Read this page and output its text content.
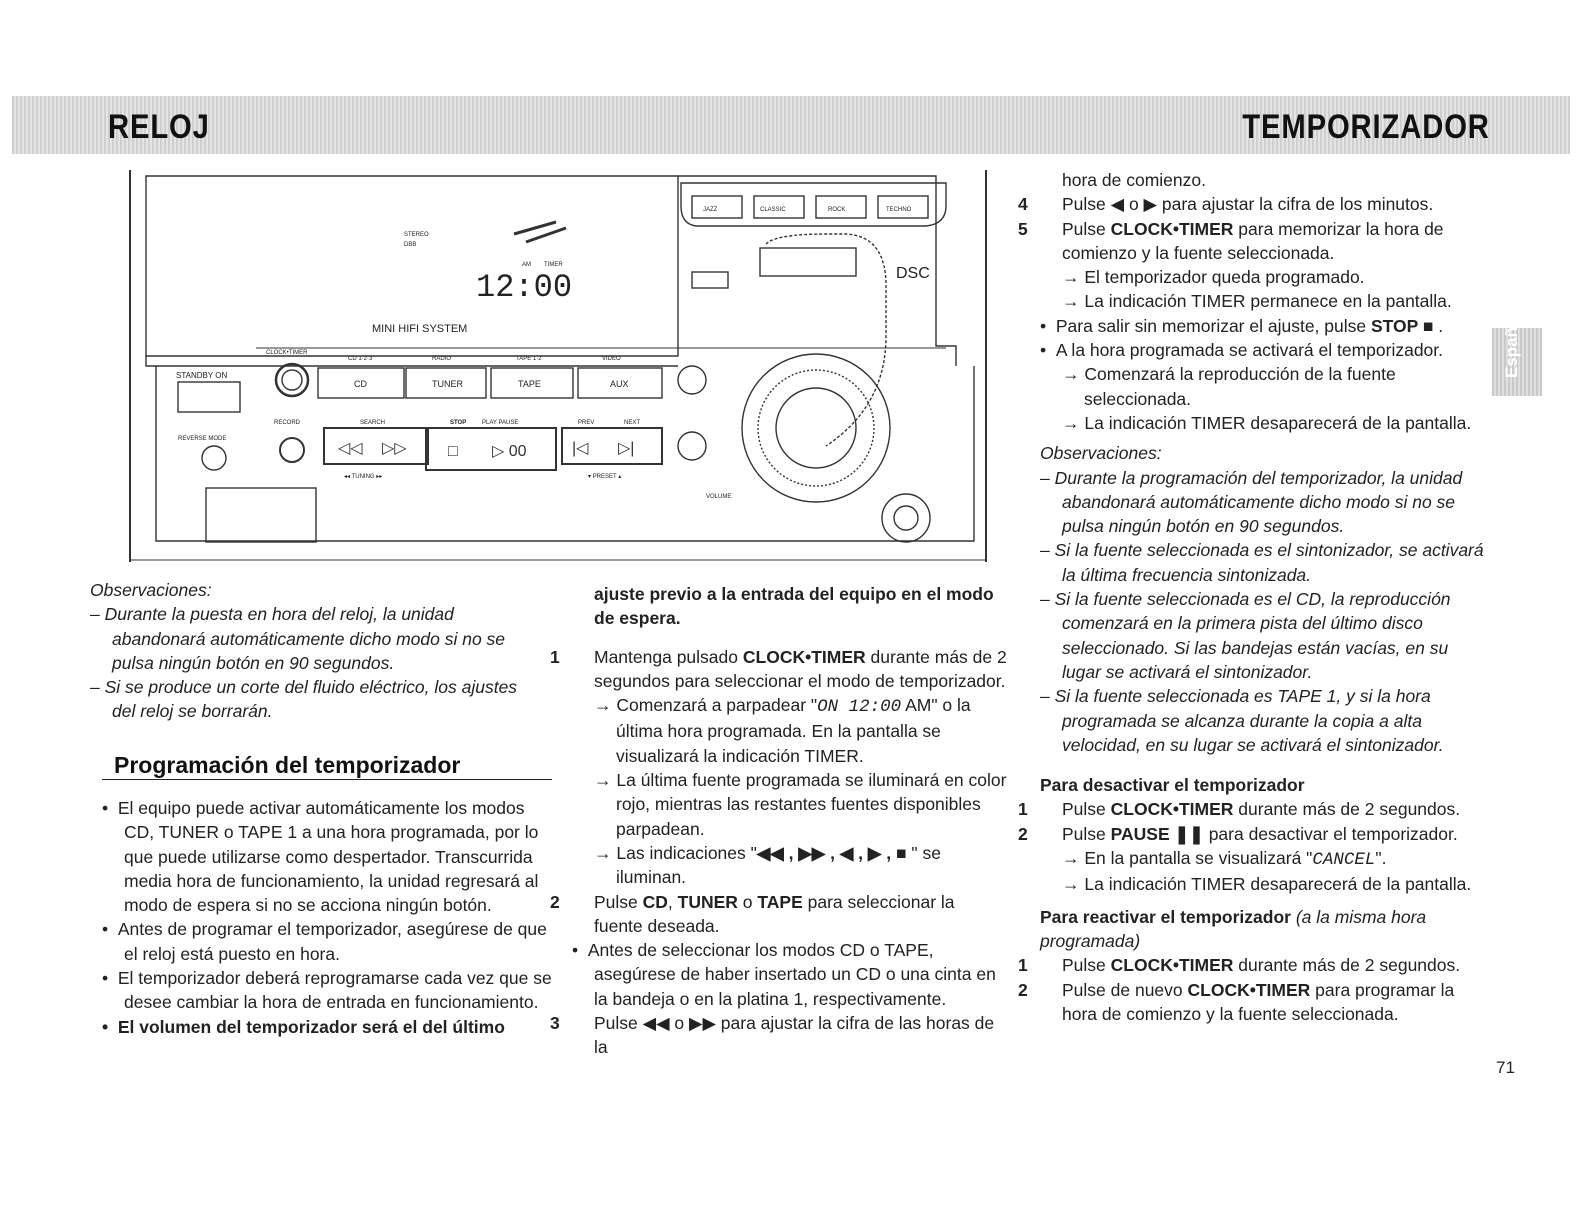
RELOJ	TEMPORIZADOR
Español
MINI HIFI SYSTEM
12:00
TIMER
AM
STEREO
DBB
DSC
STANDBY ON
CLOCK•TIMER
RECORD
REVERSE MODE
SEARCH	STOP	PLAY PAUSE	PREV	NEXT
◂◂ TUNING ▸▸	▾ PRESET ▴
VOLUME
CD	TUNER	TAPE	AUX
CD 1·2·3	RADIO	TAPE 1·2	VIDEO
JAZZ	CLASSIC	ROCK	TECHNO
◁◁ ▷▷	□ ▷ 00	|◁ ▷|

Observaciones:

– Durante la puesta en hora del reloj, la unidad abandonará automáticamente dicho modo si no se pulsa ningún botón en 90 segundos.

– Si se produce un corte del fluido eléctrico, los ajustes del reloj se borrarán.

Programación del temporizador

•  El equipo puede activar automáticamente los modos CD, TUNER o TAPE 1 a una hora programada, por lo que puede utilizarse como despertador. Transcurrida media hora de funcionamiento, la unidad regresará al modo de espera si no se acciona ningún botón.

•  Antes de programar el temporizador, asegúrese de que el reloj está puesto en hora.

•  El temporizador deberá reprogramarse cada vez que se desee cambiar la hora de entrada en funcionamiento.

•  El volumen del temporizador será el del último

ajuste previo a la entrada del equipo en el modo de espera.

1 Mantenga pulsado CLOCK•TIMER durante más de 2 segundos para seleccionar el modo de temporizador.

→ Comenzará a parpadear "ON 12:00 AM" o la última hora programada. En la pantalla se visualizará la indicación TIMER.

→ La última fuente programada se iluminará en color rojo, mientras las restantes fuentes disponibles parpadean.

→ Las indicaciones "◀◀ , ▶▶ , ◀ , ▶ , ■ " se iluminan.

2 Pulse CD, TUNER o TAPE para seleccionar la fuente deseada.

•  Antes de seleccionar los modos CD o TAPE, asegúrese de haber insertado un CD o una cinta en la bandeja o en la platina 1, respectivamente.

3 Pulse ◀◀ o ▶▶ para ajustar la cifra de las horas de la

hora de comienzo.

4 Pulse ◀ o ▶ para ajustar la cifra de los minutos.

5 Pulse CLOCK•TIMER para memorizar la hora de comienzo y la fuente seleccionada.

→ El temporizador queda programado.

→ La indicación TIMER permanece en la pantalla.

•  Para salir sin memorizar el ajuste, pulse STOP ■ .

•  A la hora programada se activará el temporizador.

→ Comenzará la reproducción de la fuente seleccionada.

→ La indicación TIMER desaparecerá de la pantalla.

Observaciones:

– Durante la programación del temporizador, la unidad abandonará automáticamente dicho modo si no se pulsa ningún botón en 90 segundos.

– Si la fuente seleccionada es el sintonizador, se activará la última frecuencia sintonizada.

– Si la fuente seleccionada es el CD, la reproducción comenzará en la primera pista del último disco seleccionado. Si las bandejas están vacías, en su lugar se activará el sintonizador.

– Si la fuente seleccionada es TAPE 1, y si la hora programada se alcanza durante la copia a alta velocidad, en su lugar se activará el sintonizador.

Para desactivar el temporizador

1 Pulse CLOCK•TIMER durante más de 2 segundos.

2 Pulse PAUSE ❚❚ para desactivar el temporizador.

→ En la pantalla se visualizará "CANCEL".

→ La indicación TIMER desaparecerá de la pantalla.

Para reactivar el temporizador (a la misma hora programada)

1 Pulse CLOCK•TIMER durante más de 2 segundos.

2 Pulse de nuevo CLOCK•TIMER para programar la hora de comienzo y la fuente seleccionada.

71
